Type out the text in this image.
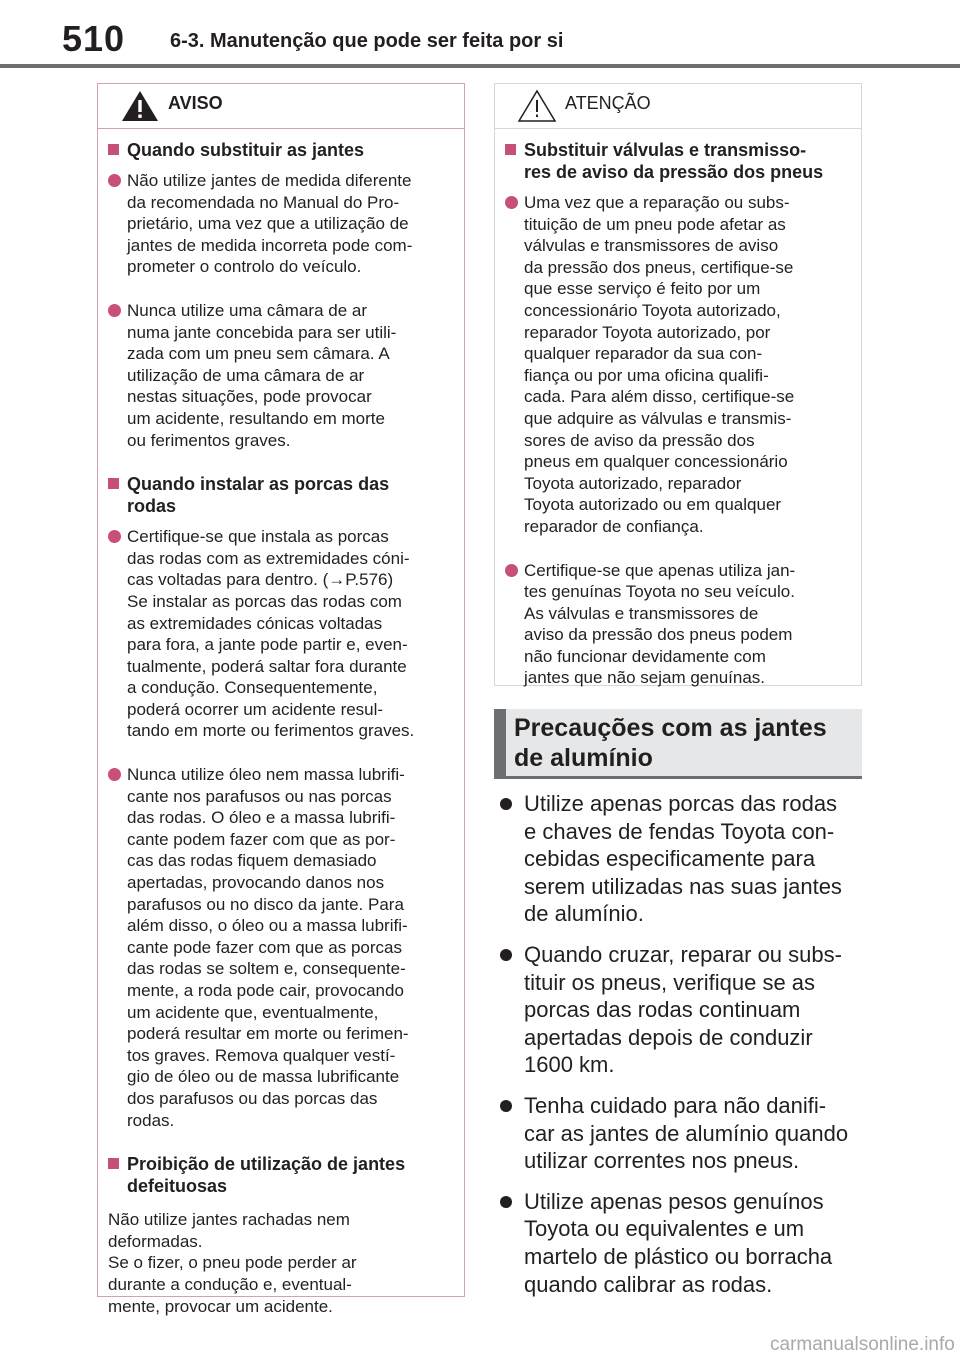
510 6-3. Manutenção que pode ser feita por si
AVISO
Quando substituir as jantes
Não utilize jantes de medida diferente
da recomendada no Manual do Pro-
prietário, uma vez que a utilização de
jantes de medida incorreta pode com-
prometer o controlo do veículo.
Nunca utilize uma câmara de ar
numa jante concebida para ser utili-
zada com um pneu sem câmara. A
utilização de uma câmara de ar
nestas situações, pode provocar
um acidente, resultando em morte
ou ferimentos graves.
Quando instalar as porcas das
rodas
Certifique-se que instala as porcas
das rodas com as extremidades cóni-
cas voltadas para dentro. (→P.576)
Se instalar as porcas das rodas com
as extremidades cónicas voltadas
para fora, a jante pode partir e, even-
tualmente, poderá saltar fora durante
a condução. Consequentemente,
poderá ocorrer um acidente resul-
tando em morte ou ferimentos graves.
Nunca utilize óleo nem massa lubrifi-
cante nos parafusos ou nas porcas
das rodas. O óleo e a massa lubrifi-
cante podem fazer com que as por-
cas das rodas fiquem demasiado
apertadas, provocando danos nos
parafusos ou no disco da jante. Para
além disso, o óleo ou a massa lubrifi-
cante pode fazer com que as porcas
das rodas se soltem e, consequente-
mente, a roda pode cair, provocando
um acidente que, eventualmente,
poderá resultar em morte ou ferimen-
tos graves. Remova qualquer vestí-
gio de óleo ou de massa lubrificante
dos parafusos ou das porcas das
rodas.
Proibição de utilização de jantes
defeituosas
Não utilize jantes rachadas nem
deformadas.
Se o fizer, o pneu pode perder ar
durante a condução e, eventual-
mente, provocar um acidente.
ATENÇÃO
Substituir válvulas e transmisso-
res de aviso da pressão dos pneus
Uma vez que a reparação ou subs-
tituição de um pneu pode afetar as
válvulas e transmissores de aviso
da pressão dos pneus, certifique-se
que esse serviço é feito por um
concessionário Toyota autorizado,
reparador Toyota autorizado, por
qualquer reparador da sua con-
fiança ou por uma oficina qualifi-
cada. Para além disso, certifique-se
que adquire as válvulas e transmis-
sores de aviso da pressão dos
pneus em qualquer concessionário
Toyota autorizado, reparador
Toyota autorizado ou em qualquer
reparador de confiança.
Certifique-se que apenas utiliza jan-
tes genuínas Toyota no seu veículo.
As válvulas e transmissores de
aviso da pressão dos pneus podem
não funcionar devidamente com
jantes que não sejam genuínas.
Precauções com as jantes
de alumínio
Utilize apenas porcas das rodas
e chaves de fendas Toyota con-
cebidas especificamente para
serem utilizadas nas suas jantes
de alumínio.
Quando cruzar, reparar ou subs-
tituir os pneus, verifique se as
porcas das rodas continuam
apertadas depois de conduzir
1600 km.
Tenha cuidado para não danifi-
car as jantes de alumínio quando
utilizar correntes nos pneus.
Utilize apenas pesos genuínos
Toyota ou equivalentes e um
martelo de plástico ou borracha
quando calibrar as rodas.
carmanualsonline.info
